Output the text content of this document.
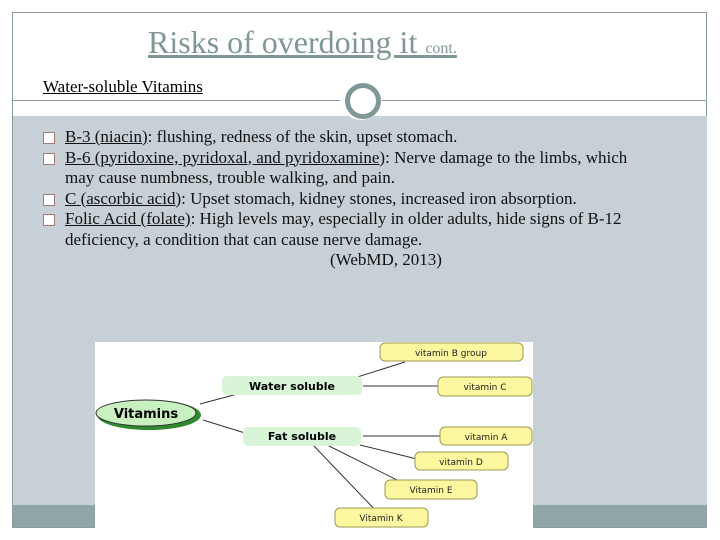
Risks of overdoing it cont.
Water-soluble Vitamins
B-3 (niacin): flushing, redness of the skin, upset stomach.
B-6 (pyridoxine, pyridoxal, and pyridoxamine): Nerve damage to the limbs, which may cause numbness, trouble walking, and pain.
C (ascorbic acid): Upset stomach, kidney stones, increased iron absorption.
Folic Acid (folate): High levels may, especially in older adults, hide signs of B-12 deficiency, a condition that can cause nerve damage.
(WebMD, 2013)
Vitamins
Water soluble
Fat soluble
vitamin B group
vitamin C
vitamin A
vitamin D
Vitamin E
Vitamin K
